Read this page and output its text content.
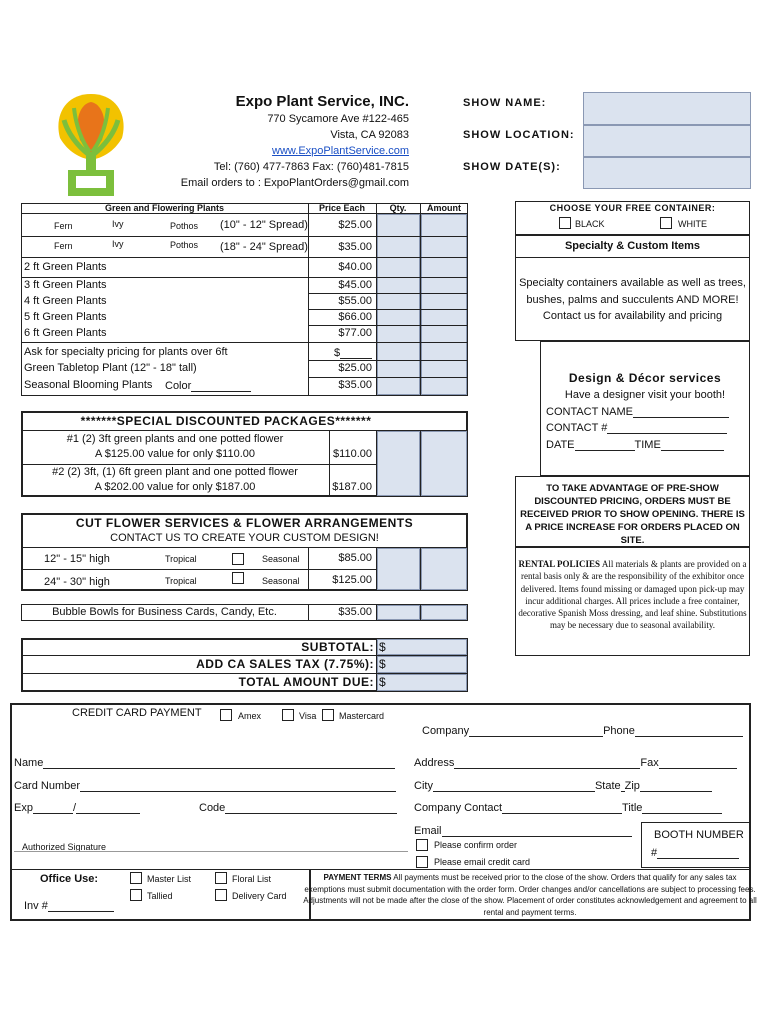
Expo Plant Service, INC.
770 Sycamore Ave #122-465
Vista, CA 92083
www.ExpoPlantService.com
Tel: (760) 477-7863 Fax: (760)481-7815
Email orders to : ExpoPlantOrders@gmail.com
SHOW NAME:
SHOW LOCATION:
SHOW DATE(S):
Green and Flowering Plants	Price Each	Qty.	Amount
Fern	Ivy	Pothos (10" - 12" Spread)	$25.00
Fern	Ivy	Pothos (18" - 24" Spread)	$35.00
2 ft Green Plants	$40.00
3 ft Green Plants	$45.00
4 ft Green Plants	$55.00
5 ft Green Plants	$66.00
6 ft Green Plants	$77.00
Ask for specialty pricing for plants over 6ft	$
Green Tabletop Plant (12" - 18" tall)	$25.00
Seasonal Blooming Plants Color	$35.00
*******SPECIAL DISCOUNTED PACKAGES*******
#1 (2) 3ft green plants and one potted flower
A $125.00 value for only $110.00	$110.00
#2 (2) 3ft, (1) 6ft green plant and one potted flower
A $202.00 value for only $187.00	$187.00
CUT FLOWER SERVICES & FLOWER ARRANGEMENTS
CONTACT US TO CREATE YOUR CUSTOM DESIGN!
12" - 15" high	Tropical	Seasonal	$85.00
24" - 30" high	Tropical	Seasonal	$125.00
Bubble Bowls for Business Cards, Candy, Etc.	$35.00
SUBTOTAL:
ADD CA SALES TAX (7.75%):
TOTAL AMOUNT DUE:
$
$
$
CHOOSE YOUR FREE CONTAINER:
BLACK	WHITE
Specialty & Custom Items
Specialty containers available as well as trees, bushes, palms and succulents AND MORE! Contact us for availability and pricing
Design & Décor services
Have a designer visit your booth!
CONTACT NAME
CONTACT #
DATE	TIME
TO TAKE ADVANTAGE OF PRE-SHOW DISCOUNTED PRICING, ORDERS MUST BE RECEIVED PRIOR TO SHOW OPENING. THERE IS A PRICE INCREASE FOR ORDERS PLACED ON SITE.
RENTAL POLICIES All materials & plants are provided on a rental basis only & are the responsibility of the exhibitor once delivered. Items found missing or damaged upon pick-up may incur additional charges. All prices include a free container, decorative Spanish Moss dressing, and leaf shine. Substitutions may be necessary due to seasonal availability.
CREDIT CARD PAYMENT	Amex	Visa	Mastercard
Company	Phone
Name	Address	Fax
Card Number	City	State Zip
Exp	/	Code	Company Contact	Title
Email
Authorized Signature	Please confirm order
Please email credit card
BOOTH NUMBER
#
Office Use:
Inv #
Master List
Tallied
Floral List
Delivery Card
PAYMENT TERMS All payments must be received prior to the close of the show. Orders that qualify for any sales tax exemptions must submit documentation with the order form. Order changes and/or cancellations are subject to processing fees. Adjustments will not be made after the close of the show. Placement of order constitutes acknowledgement and agreement to all rental and payment terms.
